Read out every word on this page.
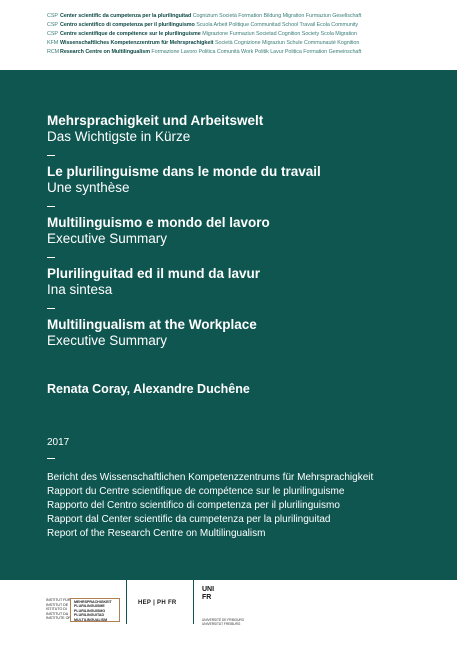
CSP Center scientific da cumpetenza per la plurilinguitad Cognizium Società Formation Bildung Migration Furmaziun Gesellschaft
CSP Centro scientifico di competenza per il plurilinguismo Scuola Arbeit Politique Communitad School Travail Ecola Community
CSP Centre scientifique de compétence sur le plurilinguisme Migrazione Furmaziun Societad Cognition Society Scola Migration
KFM Wissenschaftliches Kompetenzzentrum für Mehrsprachigkeit Società Cognizione Migraziun Schule Communauté Kognition
RCMResearch Centre on Multilingualism Formazione Lavoro Politica Comunità Work Politik Lavur Politica Formation Gemeinschaft
Mehrsprachigkeit und Arbeitswelt
Das Wichtigste in Kürze
Le plurilinguisme dans le monde du travail
Une synthèse
Multilinguismo e mondo del lavoro
Executive Summary
Plurilinguitad ed il mund da lavur
Ina sintesa
Multilingualism at the Workplace
Executive Summary
Renata Coray, Alexandre Duchêne
2017
Bericht des Wissenschaftlichen Kompetenzzentrums für Mehrsprachigkeit
Rapport du Centre scientifique de compétence sur le plurilinguisme
Rapporto del Centro scientifico di competenza per il plurilinguismo
Rapport dal Center scientific da cumpetenza per la plurilinguitad
Report of the Research Centre on Multilingualism
INSTITUT FÜR
INSTITUT DE
ISTITUTO DI
INSTITUT DA
INSTITUTE OF
MEHRSPRACHIGKEIT
PLURILINGUISME
PLURILINGUISMO
PLURILINGUITAD
MULTILINGUALISM
HEP | PH FR
UNI
FR
UNIVERSITÉ DE FRIBOURG
UNIVERSITÄT FREIBURG
